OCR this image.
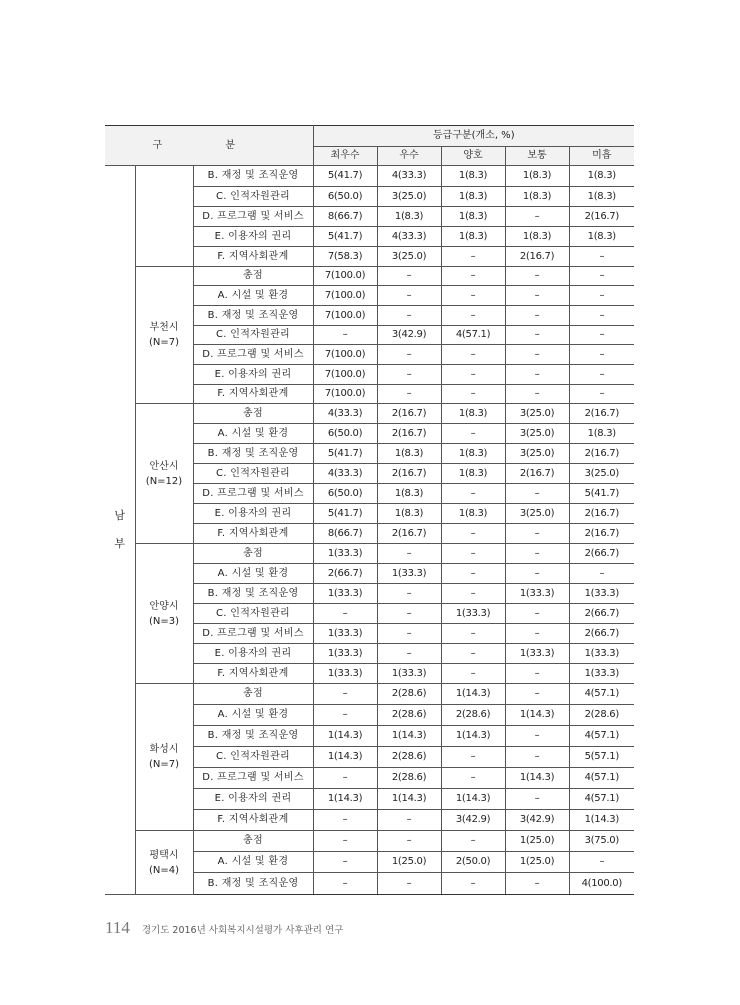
구 분			등급구분(개소, %)				
			최우수	우수	양호	보통	미흡

남
부		B. 재정 및 조직운영	5(41.7)	4(33.3)	1(8.3)	1(8.3)	1(8.3)
		C. 인적자원관리	6(50.0)	3(25.0)	1(8.3)	1(8.3)	1(8.3)
		D. 프로그램 및 서비스	8(66.7)	1(8.3)	1(8.3)	–	2(16.7)
		E. 이용자의 권리	5(41.7)	4(33.3)	1(8.3)	1(8.3)	1(8.3)
		F. 지역사회관계	7(58.3)	3(25.0)	–	2(16.7)	–

	부천시
(N=7)	총점	7(100.0)	–	–	–	–
		A. 시설 및 환경	7(100.0)	–	–	–	–
		B. 재정 및 조직운영	7(100.0)	–	–	–	–
		C. 인적자원관리	–	3(42.9)	4(57.1)	–	–
		D. 프로그램 및 서비스	7(100.0)	–	–	–	–
		E. 이용자의 권리	7(100.0)	–	–	–	–
		F. 지역사회관계	7(100.0)	–	–	–	–

	안산시
(N=12)	총점	4(33.3)	2(16.7)	1(8.3)	3(25.0)	2(16.7)
		A. 시설 및 환경	6(50.0)	2(16.7)	–	3(25.0)	1(8.3)
		B. 재정 및 조직운영	5(41.7)	1(8.3)	1(8.3)	3(25.0)	2(16.7)
		C. 인적자원관리	4(33.3)	2(16.7)	1(8.3)	2(16.7)	3(25.0)
		D. 프로그램 및 서비스	6(50.0)	1(8.3)	–	–	5(41.7)
		E. 이용자의 권리	5(41.7)	1(8.3)	1(8.3)	3(25.0)	2(16.7)
		F. 지역사회관계	8(66.7)	2(16.7)	–	–	2(16.7)

	안양시
(N=3)	총점	1(33.3)	–	–	–	2(66.7)
		A. 시설 및 환경	2(66.7)	1(33.3)	–	–	–
		B. 재정 및 조직운영	1(33.3)	–	–	1(33.3)	1(33.3)
		C. 인적자원관리	–	–	1(33.3)	–	2(66.7)
		D. 프로그램 및 서비스	1(33.3)	–	–	–	2(66.7)
		E. 이용자의 권리	1(33.3)	–	–	1(33.3)	1(33.3)
		F. 지역사회관계	1(33.3)	1(33.3)	–	–	1(33.3)

	화성시
(N=7)	총점	–	2(28.6)	1(14.3)	–	4(57.1)
		A. 시설 및 환경	–	2(28.6)	2(28.6)	1(14.3)	2(28.6)
		B. 재정 및 조직운영	1(14.3)	1(14.3)	1(14.3)	–	4(57.1)
		C. 인적자원관리	1(14.3)	2(28.6)	–	–	5(57.1)
		D. 프로그램 및 서비스	–	2(28.6)	–	1(14.3)	4(57.1)
		E. 이용자의 권리	1(14.3)	1(14.3)	1(14.3)	–	4(57.1)
		F. 지역사회관계	–	–	3(42.9)	3(42.9)	1(14.3)

	평택시
(N=4)	총점	–	–	–	1(25.0)	3(75.0)
		A. 시설 및 환경	–	1(25.0)	2(50.0)	1(25.0)	–
		B. 재정 및 조직운영	–	–	–	–	4(100.0)
114 경기도 2016년 사회복지시설평가 사후관리 연구
